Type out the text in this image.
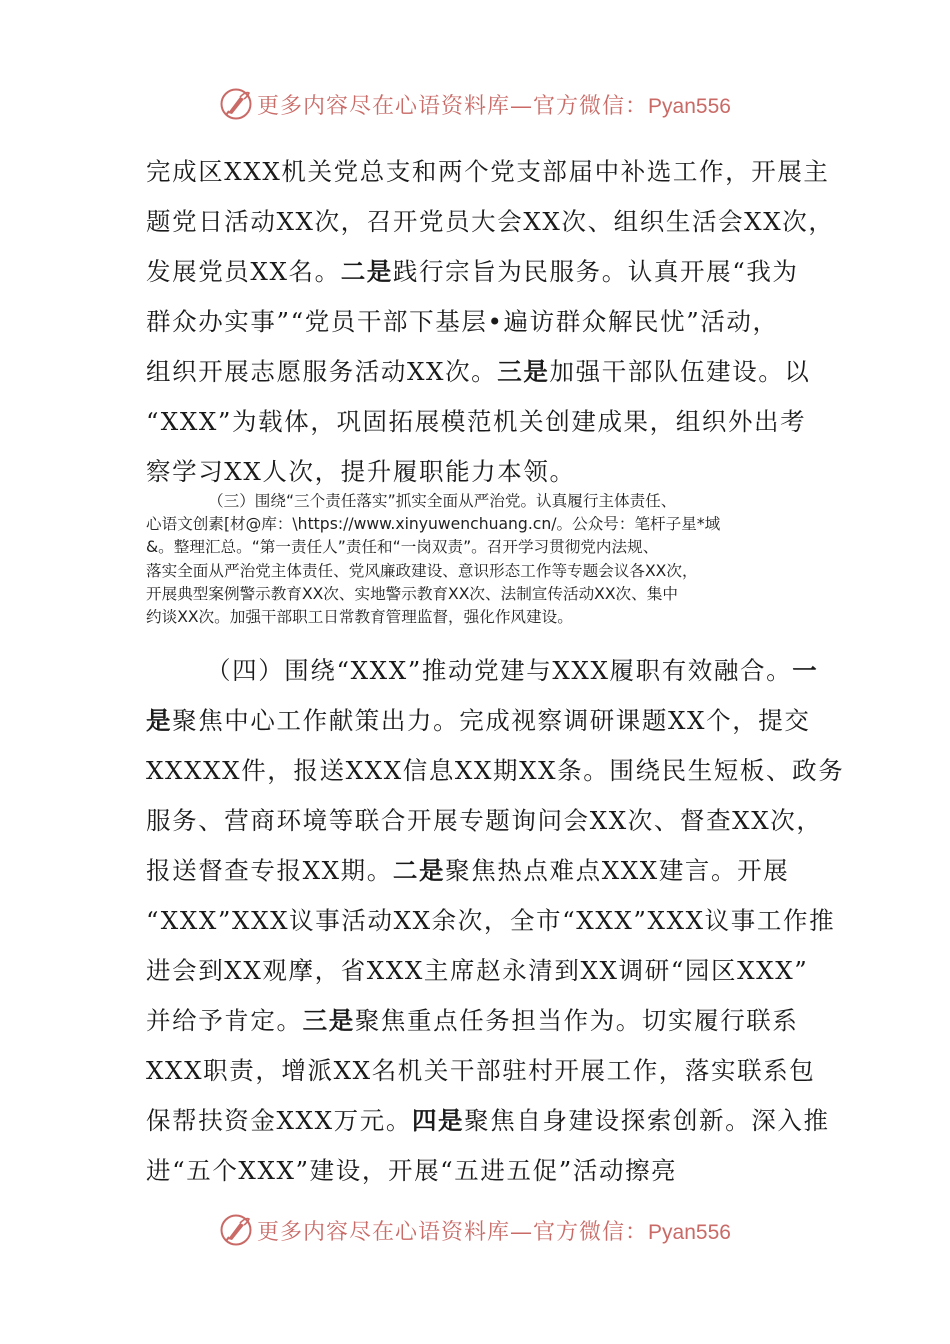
更多内容尽在心语资料库—官方微信：Pyan556

完成区XXX机关党总支和两个党支部届中补选工作，开展主
题党日活动XX次，召开党员大会XX次、组织生活会XX次，
发展党员XX名。二是践行宗旨为民服务。认真开展“我为
群众办实事”“党员干部下基层•遍访群众解民忧”活动，
组织开展志愿服务活动XX次。三是加强干部队伍建设。以
“XXX”为载体，巩固拓展模范机关创建成果，组织外出考
察学习XX人次，提升履职能力本领。

（三）围绕“三个责任落实”抓实全面从严治党。认真履行主体责任、
心语文创素[材@库：\https://www.xinyuwenchuang.cn/。公众号：笔杆子星*域
&。整理汇总。“第一责任人”责任和“一岗双责”。召开学习贯彻党内法规、
落实全面从严治党主体责任、党风廉政建设、意识形态工作等专题会议各XX次，
开展典型案例警示教育XX次、实地警示教育XX次、法制宣传活动XX次、集中
约谈XX次。加强干部职工日常教育管理监督，强化作风建设。

（四）围绕“XXX”推动党建与XXX履职有效融合。一
是聚焦中心工作献策出力。完成视察调研课题XX个，提交
XXXXX件，报送XXX信息XX期XX条。围绕民生短板、政务
服务、营商环境等联合开展专题询问会XX次、督查XX次，
报送督查专报XX期。二是聚焦热点难点XXX建言。开展
“XXX”XXX议事活动XX余次，全市“XXX”XXX议事工作推
进会到XX观摩，省XXX主席赵永清到XX调研“园区XXX”
并给予肯定。三是聚焦重点任务担当作为。切实履行联系
XXX职责，增派XX名机关干部驻村开展工作，落实联系包
保帮扶资金XXX万元。四是聚焦自身建设探索创新。深入推
进“五个XXX”建设，开展“五进五促”活动擦亮

更多内容尽在心语资料库—官方微信：Pyan556
